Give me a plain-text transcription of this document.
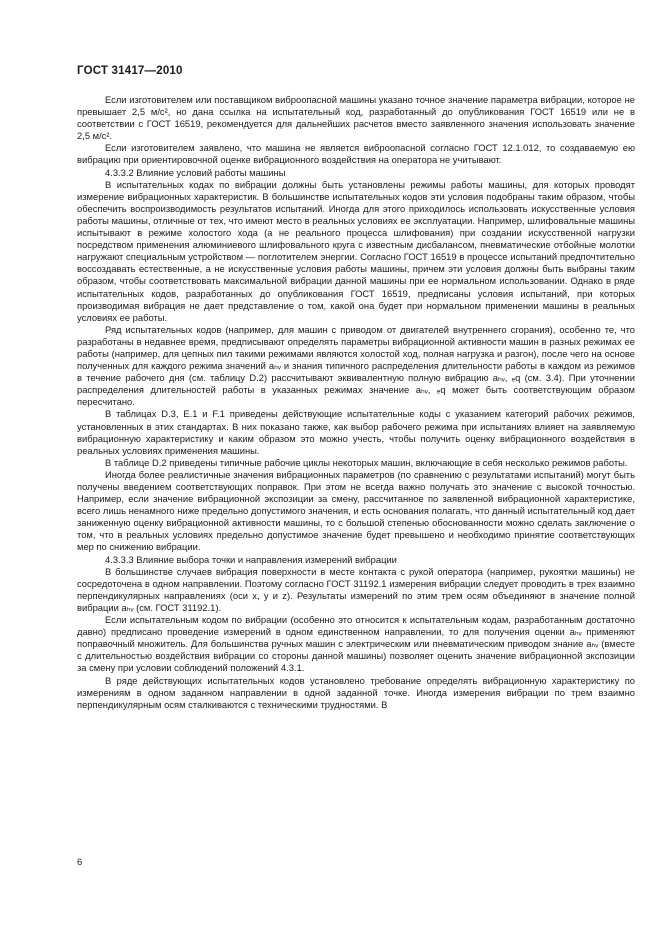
ГОСТ 31417—2010

Если изготовителем или поставщиком виброопасной машины указано точное значение параметра вибрации, которое не превышает 2,5 м/с², но дана ссылка на испытательный код, разработанный до опубликования ГОСТ 16519 или не в соответствии с ГОСТ 16519, рекомендуется для дальнейших расчетов вместо заявленного значения использовать значение 2,5 м/с².

Если изготовителем заявлено, что машина не является виброопасной согласно ГОСТ 12.1.012, то создаваемую ею вибрацию при ориентировочной оценке вибрационного воздействия на оператора не учитывают.

4.3.3.2 Влияние условий работы машины

В испытательных кодах по вибрации должны быть установлены режимы работы машины, для которых проводят измерение вибрационных характеристик. В большинстве испытательных кодов эти условия подобраны таким образом, чтобы обеспечить воспроизводимость результатов испытаний. Иногда для этого приходилось использовать искусственные условия работы машины, отличные от тех, что имеют место в реальных условиях ее эксплуатации. Например, шлифовальные машины испытывают в режиме холостого хода (а не реального процесса шлифования) при создании искусственной нагрузки посредством применения алюминиевого шлифовального круга с известным дисбалансом, пневматические отбойные молотки нагружают специальным устройством — поглотителем энергии. Согласно ГОСТ 16519 в процессе испытаний предпочтительно воссоздавать естественные, а не искусственные условия работы машины, причем эти условия должны быть выбраны таким образом, чтобы соответствовать максимальной вибрации данной машины при ее нормальном использовании. Однако в ряде испытательных кодов, разработанных до опубликования ГОСТ 16519, предписаны условия испытаний, при которых производимая вибрация не дает представление о том, какой она будет при нормальном применении машины в реальных условиях ее работы.

Ряд испытательных кодов (например, для машин с приводом от двигателей внутреннего сгорания), особенно те, что разработаны в недавнее время, предписывают определять параметры вибрационной активности машин в разных режимах ее работы (например, для цепных пил такими режимами являются холостой ход, полная нагрузка и разгон), после чего на основе полученных для каждого режима значений aₕᵥ и знания типичного распределения длительности работы в каждом из режимов в течение рабочего дня (см. таблицу D.2) рассчитывают эквивалентную полную вибрацию aₕᵥ, ₑq (см. 3.4). При уточнении распределения длительностей работы в указанных режимах значение aₕᵥ, ₑq может быть соответствующим образом пересчитано.

В таблицах D.3, E.1 и F.1 приведены действующие испытательные коды с указанием категорий рабочих режимов, установленных в этих стандартах. В них показано также, как выбор рабочего режима при испытаниях влияет на заявляемую вибрационную характеристику и каким образом это можно учесть, чтобы получить оценку вибрационного воздействия в реальных условиях применения машины.

В таблице D.2 приведены типичные рабочие циклы некоторых машин, включающие в себя несколько режимов работы.

Иногда более реалистичные значения вибрационных параметров (по сравнению с результатами испытаний) могут быть получены введением соответствующих поправок. При этом не всегда важно получать это значение с высокой точностью. Например, если значение вибрационной экспозиции за смену, рассчитанное по заявленной вибрационной характеристике, всего лишь ненамного ниже предельно допустимого значения, и есть основания полагать, что данный испытательный код дает заниженную оценку вибрационной активности машины, то с большой степенью обоснованности можно сделать заключение о том, что в реальных условиях предельно допустимое значение будет превышено и необходимо принятие соответствующих мер по снижению вибрации.

4.3.3.3 Влияние выбора точки и направления измерений вибрации

В большинстве случаев вибрация поверхности в месте контакта с рукой оператора (например, рукоятки машины) не сосредоточена в одном направлении. Поэтому согласно ГОСТ 31192.1 измерения вибрации следует проводить в трех взаимно перпендикулярных направлениях (оси x, y и z). Результаты измерений по этим трем осям объединяют в значение полной вибрации aₕᵥ (см. ГОСТ 31192.1).

Если испытательным кодом по вибрации (особенно это относится к испытательным кодам, разработанным достаточно давно) предписано проведение измерений в одном единственном направлении, то для получения оценки aₕᵥ применяют поправочный множитель. Для большинства ручных машин с электрическим или пневматическим приводом знание aₕᵥ (вместе с длительностью воздействия вибрации со стороны данной машины) позволяет оценить значение вибрационной экспозиции за смену при условии соблюдений положений 4.3.1.

В ряде действующих испытательных кодов установлено требование определять вибрационную характеристику по измерениям в одном заданном направлении в одной заданной точке. Иногда измерения вибрации по трем взаимно перпендикулярным осям сталкиваются с техническими трудностями. В

6
